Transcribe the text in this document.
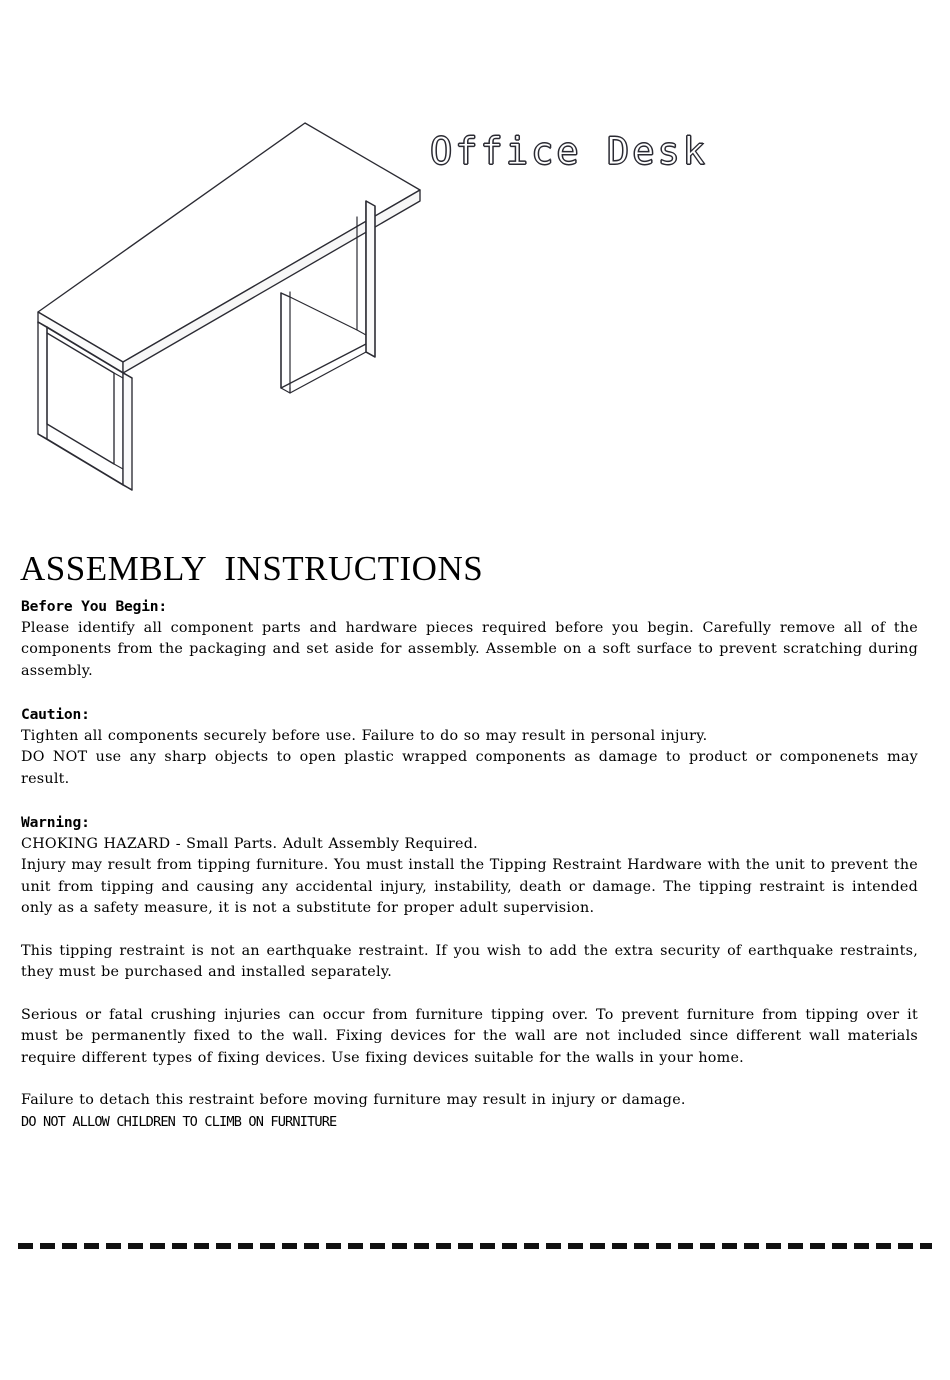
Office Desk
ASSEMBLY  INSTRUCTIONS
Before You Begin:

Please identify all component parts and hardware pieces required before you begin. Carefully remove all of the components from the packaging and set aside for assembly. Assemble on a soft surface to prevent scratching during assembly.

Caution:

Tighten all components securely before use. Failure to do so may result in personal injury.

DO NOT use any sharp objects to open plastic wrapped components as damage to product or componenets may result.

Warning:

CHOKING HAZARD - Small Parts. Adult Assembly Required.

Injury may result from tipping furniture. You must install the Tipping Restraint Hardware with the unit to prevent the unit from tipping and causing any accidental injury, instability, death or damage. The tipping restraint is intended only as a safety measure, it is not a substitute for proper adult supervision.

This tipping restraint is not an earthquake restraint. If you wish to add the extra security of earthquake restraints, they must be purchased and installed separately.

Serious or fatal crushing injuries can occur from furniture tipping over. To prevent furniture from tipping over it must be permanently fixed to the wall. Fixing devices for the wall are not included since different wall materials require different types of fixing devices. Use fixing devices suitable for the walls in your home.

Failure to detach this restraint before moving furniture may result in injury or damage.

DO NOT ALLOW CHILDREN TO CLIMB ON FURNITURE
